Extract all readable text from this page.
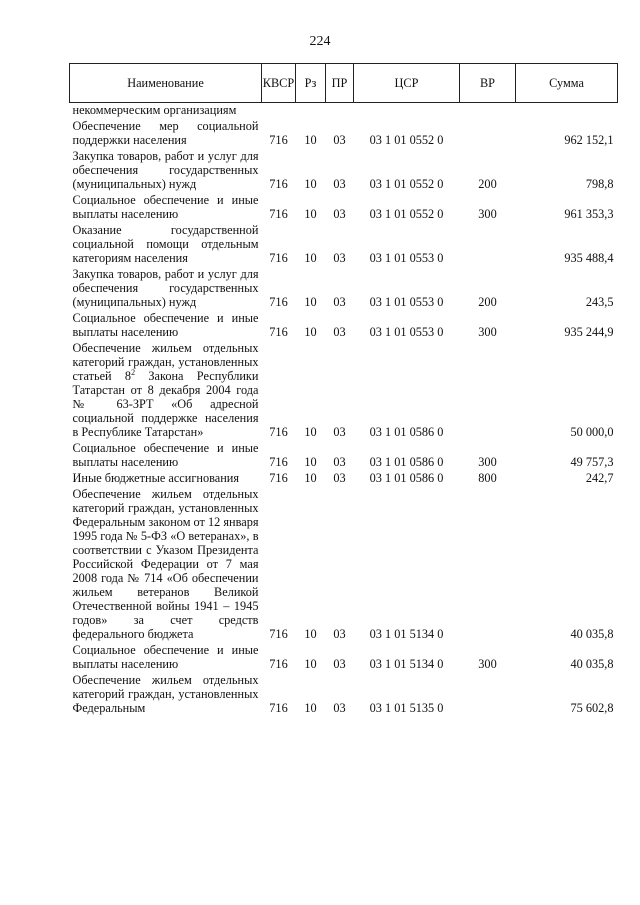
224
Наименование	КВСР	Рз	ПР	ЦСР	ВР	Сумма
некоммерческим организациям						
Обеспечение мер социальной поддержки населения	716	10	03	03 1 01 0552 0		962 152,1
Закупка товаров, работ и услуг для обеспечения государственных (муниципальных) нужд	716	10	03	03 1 01 0552 0	200	798,8
Социальное обеспечение и иные выплаты населению	716	10	03	03 1 01 0552 0	300	961 353,3
Оказание государственной социальной помощи отдельным категориям населения	716	10	03	03 1 01 0553 0		935 488,4
Закупка товаров, работ и услуг для обеспечения государственных (муниципальных) нужд	716	10	03	03 1 01 0553 0	200	243,5
Социальное обеспечение и иные выплаты населению	716	10	03	03 1 01 0553 0	300	935 244,9
Обеспечение жильем отдельных категорий граждан, установленных статьей $8^2$ Закона Республики Татарстан от 8 декабря 2004 года № 63-ЗРТ «Об адресной социальной поддержке населения в Республике Татарстан»	716	10	03	03 1 01 0586 0		50 000,0
Социальное обеспечение и иные выплаты населению	716	10	03	03 1 01 0586 0	300	49 757,3
Иные бюджетные ассигнования	716	10	03	03 1 01 0586 0	800	242,7
Обеспечение жильем отдельных категорий граждан, установленных Федеральным законом от 12 января 1995 года № 5-ФЗ «О ветеранах», в соответствии с Указом Президента Российской Федерации от 7 мая 2008 года № 714 «Об обеспечении жильем ветеранов Великой Отечественной войны 1941 – 1945 годов» за счет средств федерального бюджета	716	10	03	03 1 01 5134 0		40 035,8
Социальное обеспечение и иные выплаты населению	716	10	03	03 1 01 5134 0	300	40 035,8
Обеспечение жильем отдельных категорий граждан, установленных Федеральным	716	10	03	03 1 01 5135 0		75 602,8
